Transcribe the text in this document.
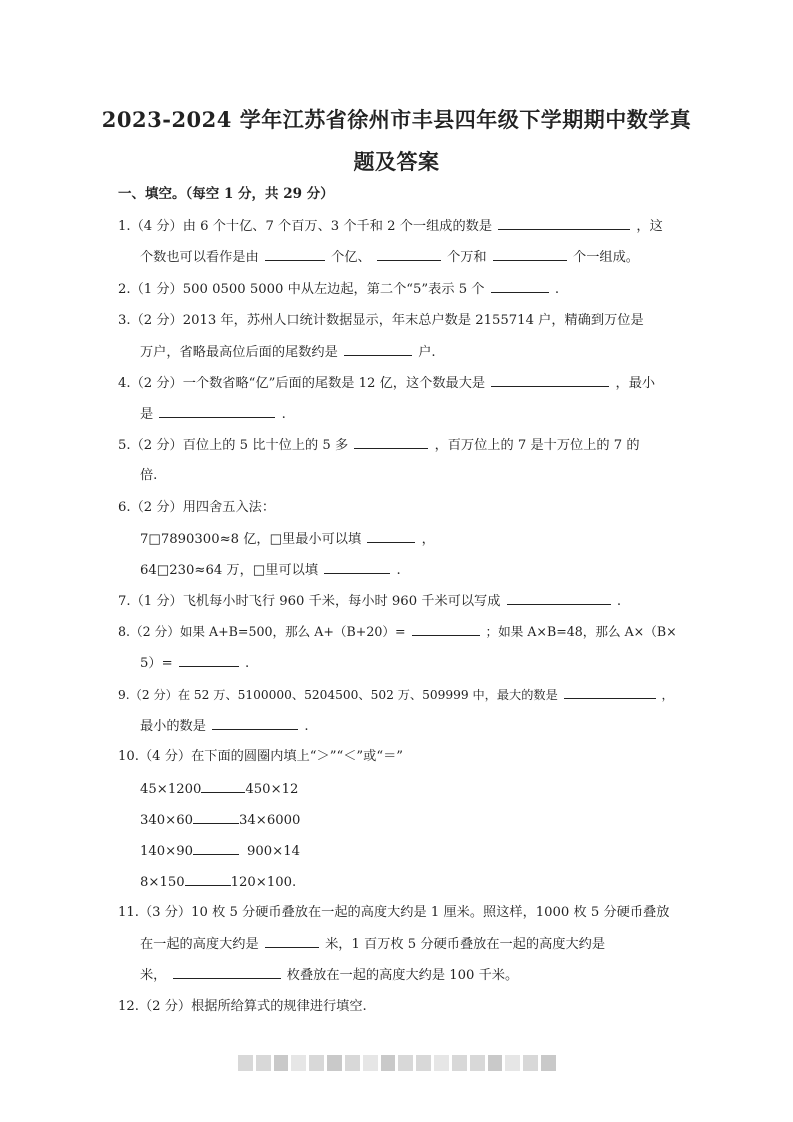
2023-2024 学年江苏省徐州市丰县四年级下学期期中数学真
题及答案
一、填空。（每空 1 分，共 29 分）
1.（4 分）由 6 个十亿、7 个百万、3 个千和 2 个一组成的数是	，这
个数也可以看作是由	个亿、	个万和	个一组成。
2.（1 分）500 0500 5000 中从左边起，第二个“5”表示 5 个	.
3.（2 分）2013 年，苏州人口统计数据显示，年末总户数是 2155714 户，精确到万位是
万户，省略最高位后面的尾数约是	户.
4.（2 分）一个数省略“亿”后面的尾数是 12 亿，这个数最大是	，最小
是	.
5.（2 分）百位上的 5 比十位上的 5 多	，百万位上的 7 是十万位上的 7 的
倍.
6.（2 分）用四舍五入法：
7□7890300≈8 亿，□里最小可以填	，
64□230≈64 万，□里可以填	.
7.（1 分）飞机每小时飞行 960 千米，每小时 960 千米可以写成	.
8.（2 分）如果 A+B=500，那么 A+（B+20）=	；如果 A×B=48，那么 A×（B×
5）=	.
9.（2 分）在 52 万、5100000、5204500、502 万、509999 中，最大的数是	，
最小的数是	.
10.（4 分）在下面的圆圈内填上“＞”“＜”或“＝”
45×1200	450×12
340×60	34×6000
140×90	900×14
8×150	120×100.
11.（3 分）10 枚 5 分硬币叠放在一起的高度大约是 1 厘米。照这样，1000 枚 5 分硬币叠放
在一起的高度大约是	米，1 百万枚 5 分硬币叠放在一起的高度大约是
米，	枚叠放在一起的高度大约是 100 千米。
12.（2 分）根据所给算式的规律进行填空.
